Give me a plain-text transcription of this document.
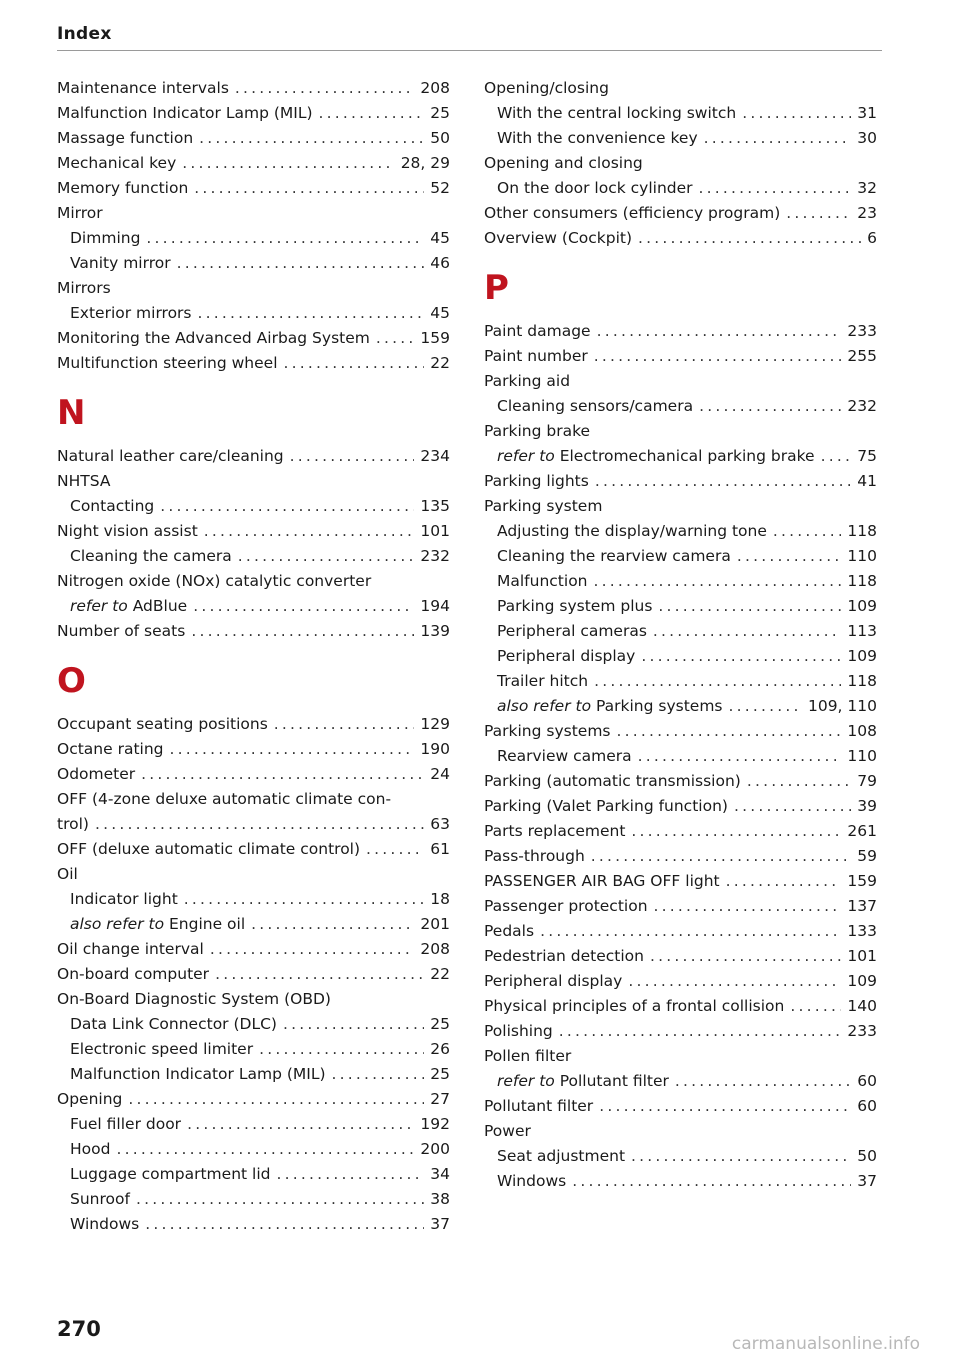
Index
Maintenance intervals .....	208
Malfunction Indicator Lamp (MIL) .....	25
Massage function .....	50
Mechanical key .....	28, 29
Memory function .....	52
Mirror
Dimming .....	45
Vanity mirror .....	46
Mirrors
Exterior mirrors .....	45
Monitoring the Advanced Airbag System .....	159
Multifunction steering wheel .....	22
N
Natural leather care/cleaning .....	234
NHTSA
Contacting .....	135
Night vision assist .....	101
Cleaning the camera .....	232
Nitrogen oxide (NOx) catalytic converter
refer to AdBlue .....	194
Number of seats .....	139
O
Occupant seating positions .....	129
Octane rating .....	190
Odometer .....	24
OFF (4-zone deluxe automatic climate con-
trol) .....	63
OFF (deluxe automatic climate control) .....	61
Oil
Indicator light .....	18
also refer to Engine oil .....	201
Oil change interval .....	208
On-board computer .....	22
On-Board Diagnostic System (OBD)
Data Link Connector (DLC) .....	25
Electronic speed limiter .....	26
Malfunction Indicator Lamp (MIL) .....	25
Opening .....	27
Fuel filler door .....	192
Hood .....	200
Luggage compartment lid .....	34
Sunroof .....	38
Windows .....	37
Opening/closing
With the central locking switch .....	31
With the convenience key .....	30
Opening and closing
On the door lock cylinder .....	32
Other consumers (efficiency program) .....	23
Overview (Cockpit) .....	6
P
Paint damage .....	233
Paint number .....	255
Parking aid
Cleaning sensors/camera .....	232
Parking brake
refer to Electromechanical parking brake .....	75
Parking lights .....	41
Parking system
Adjusting the display/warning tone .....	118
Cleaning the rearview camera .....	110
Malfunction .....	118
Parking system plus .....	109
Peripheral cameras .....	113
Peripheral display .....	109
Trailer hitch .....	118
also refer to Parking systems .....	109, 110
Parking systems .....	108
Rearview camera .....	110
Parking (automatic transmission) .....	79
Parking (Valet Parking function) .....	39
Parts replacement .....	261
Pass-through .....	59
PASSENGER AIR BAG OFF light .....	159
Passenger protection .....	137
Pedals .....	133
Pedestrian detection .....	101
Peripheral display .....	109
Physical principles of a frontal collision .....	140
Polishing .....	233
Pollen filter
refer to Pollutant filter .....	60
Pollutant filter .....	60
Power
Seat adjustment .....	50
Windows .....	37
270
carmanualsonline.info
